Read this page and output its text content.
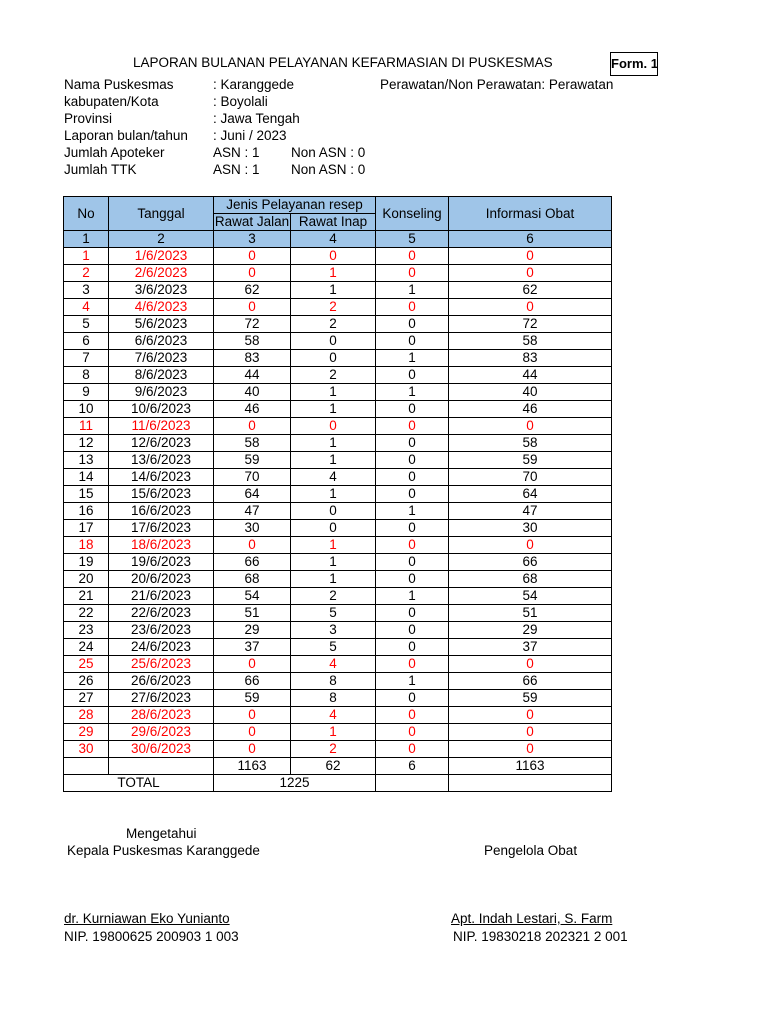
LAPORAN BULANAN PELAYANAN KEFARMASIAN DI PUSKESMAS	Form. 1
Nama Puskesmas	: Karanggede	Perawatan/Non Perawatan: Perawatan
kabupaten/Kota	: Boyolali
Provinsi	: Jawa Tengah
Laporan bulan/tahun : Juni / 2023
Jumlah Apoteker	ASN : 1 Non ASN : 0
Jumlah TTK	ASN : 1 Non ASN : 0
No	Tanggal	Jenis Pelayanan resep		Konseling	Informasi Obat
		Rawat Jalan	Rawat Inap		
1	2	3	4	5	6
1	1/6/2023	0	0	0	0
2	2/6/2023	0	1	0	0
3	3/6/2023	62	1	1	62
4	4/6/2023	0	2	0	0
5	5/6/2023	72	2	0	72
6	6/6/2023	58	0	0	58
7	7/6/2023	83	0	1	83
8	8/6/2023	44	2	0	44
9	9/6/2023	40	1	1	40
10	10/6/2023	46	1	0	46
11	11/6/2023	0	0	0	0
12	12/6/2023	58	1	0	58
13	13/6/2023	59	1	0	59
14	14/6/2023	70	4	0	70
15	15/6/2023	64	1	0	64
16	16/6/2023	47	0	1	47
17	17/6/2023	30	0	0	30
18	18/6/2023	0	1	0	0
19	19/6/2023	66	1	0	66
20	20/6/2023	68	1	0	68
21	21/6/2023	54	2	1	54
22	22/6/2023	51	5	0	51
23	23/6/2023	29	3	0	29
24	24/6/2023	37	5	0	37
25	25/6/2023	0	4	0	0
26	26/6/2023	66	8	1	66
27	27/6/2023	59	8	0	59
28	28/6/2023	0	4	0	0
29	29/6/2023	0	1	0	0
30	30/6/2023	0	2	0	0
		1163	62	6	1163
TOTAL		1225			
Mengetahui
Kepala Puskesmas Karanggede	Pengelola Obat
dr. Kurniawan Eko Yunianto
NIP. 19800625 200903 1 003
Apt. Indah Lestari, S. Farm
NIP. 19830218 202321 2 001
